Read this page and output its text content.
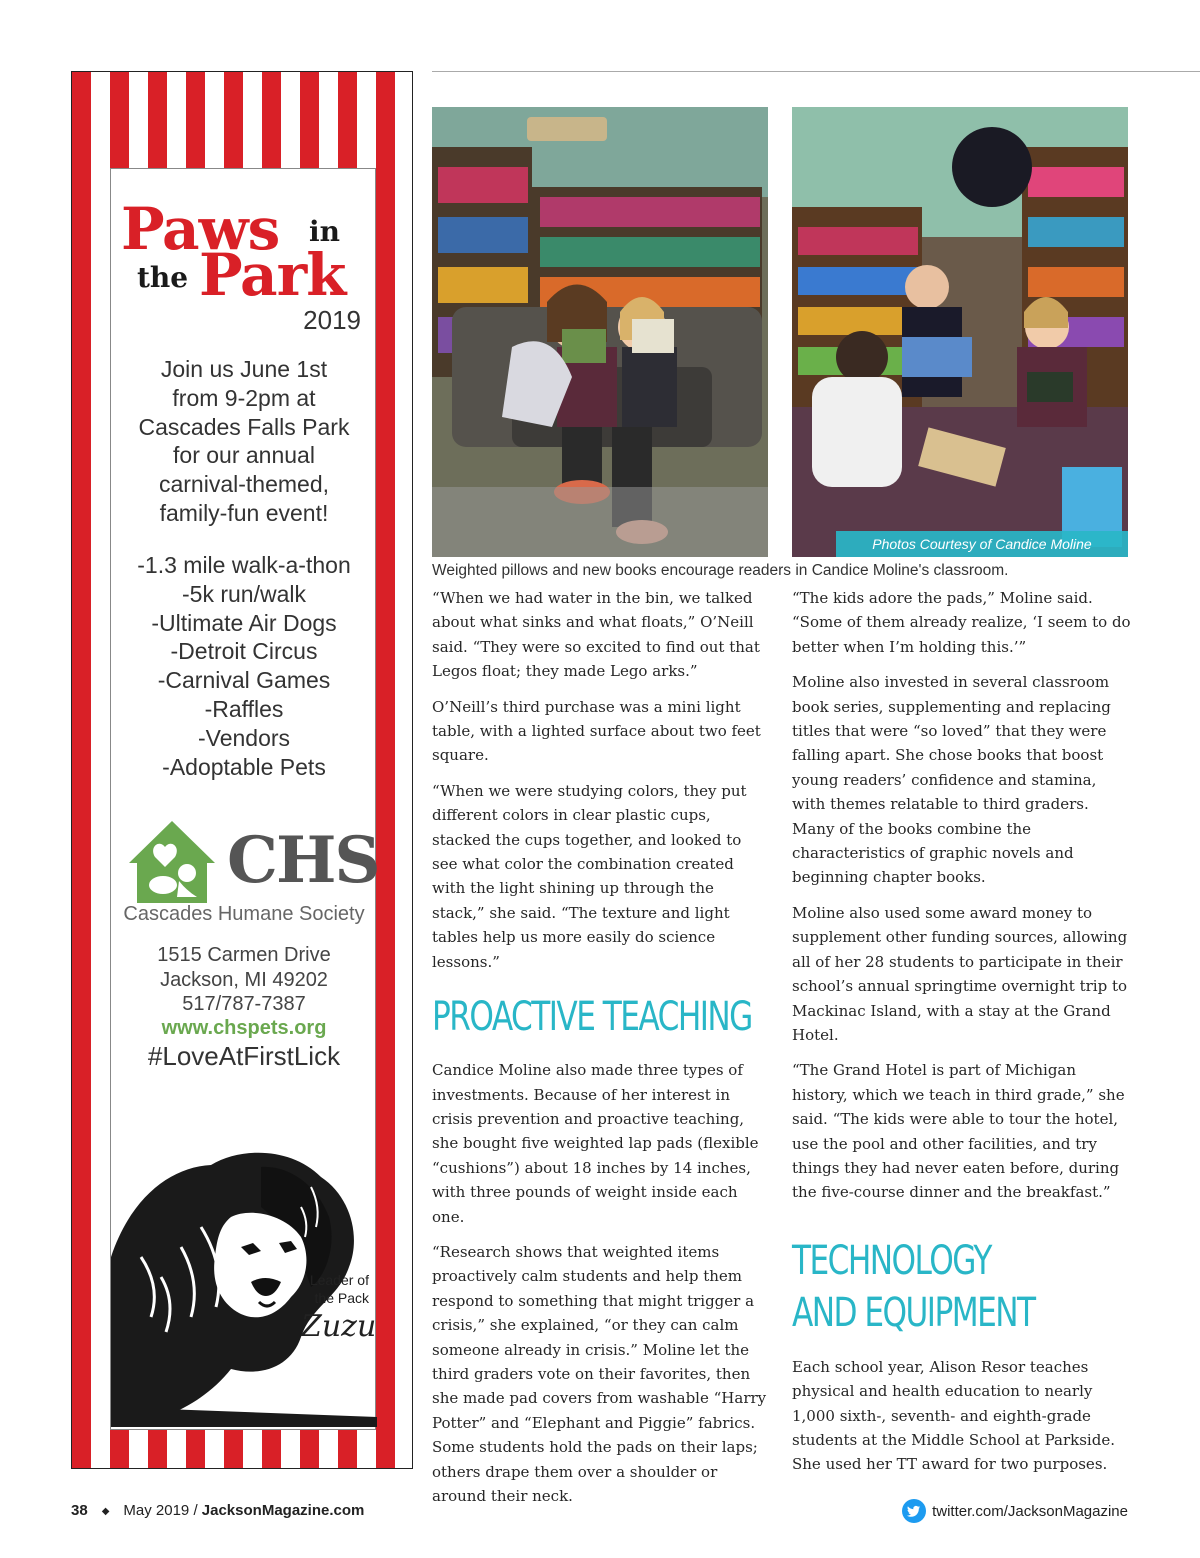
Paws in
the Park
2019
Join us June 1st
from 9-2pm at
Cascades Falls Park
for our annual
carnival-themed,
family-fun event!
-1.3 mile walk-a-thon
-5k run/walk
-Ultimate Air Dogs
-Detroit Circus
-Carnival Games
-Raffles
-Vendors
-Adoptable Pets
CHS
Cascades Humane Society
1515 Carmen Drive
Jackson, MI 49202
517/787-7387
www.chspets.org
#LoveAtFirstLick
Leader of
the Pack
Zuzu
Photos Courtesy of Candice Moline
Weighted pillows and new books encourage readers in Candice Moline's classroom.

“When we had water in the bin, we talked about what sinks and what floats,” O’Neill said. “They were so excited to find out that Legos float; they made Lego arks.”

O’Neill’s third purchase was a mini light table, with a lighted surface about two feet square.

“When we were studying colors, they put different colors in clear plastic cups, stacked the cups together, and looked to see what color the combination created with the light shining up through the stack,” she said. “The texture and light tables help us more easily do science lessons.”

PROACTIVE TEACHING

Candice Moline also made three types of investments. Because of her interest in crisis prevention and proactive teaching, she bought five weighted lap pads (flexible “cushions”) about 18 inches by 14 inches, with three pounds of weight inside each one.

“Research shows that weighted items proactively calm students and help them respond to something that might trigger a crisis,” she explained, “or they can calm someone already in crisis.” Moline let the third graders vote on their favorites, then she made pad covers from washable “Harry Potter” and “Elephant and Piggie” fabrics. Some students hold the pads on their laps; others drape them over a shoulder or around their neck.

“The kids adore the pads,” Moline said. “Some of them already realize, ‘I seem to do better when I’m holding this.’”

Moline also invested in several classroom book series, supplementing and replacing titles that were “so loved” that they were falling apart. She chose books that boost young readers’ confidence and stamina, with themes relatable to third graders. Many of the books combine the characteristics of graphic novels and beginning chapter books.

Moline also used some award money to supplement other funding sources, allowing all of her 28 students to participate in their school’s annual springtime overnight trip to Mackinac Island, with a stay at the Grand Hotel.

“The Grand Hotel is part of Michigan history, which we teach in third grade,” she said. “The kids were able to tour the hotel, use the pool and other facilities, and try things they had never eaten before, during the five-course dinner and the breakfast.”

TECHNOLOGY
AND EQUIPMENT

Each school year, Alison Resor teaches physical and health education to nearly 1,000 sixth-, seventh- and eighth-grade students at the Middle School at Parkside. She used her TT award for two purposes.

38 ◆ May 2019 / JacksonMagazine.com	twitter.com/JacksonMagazine
